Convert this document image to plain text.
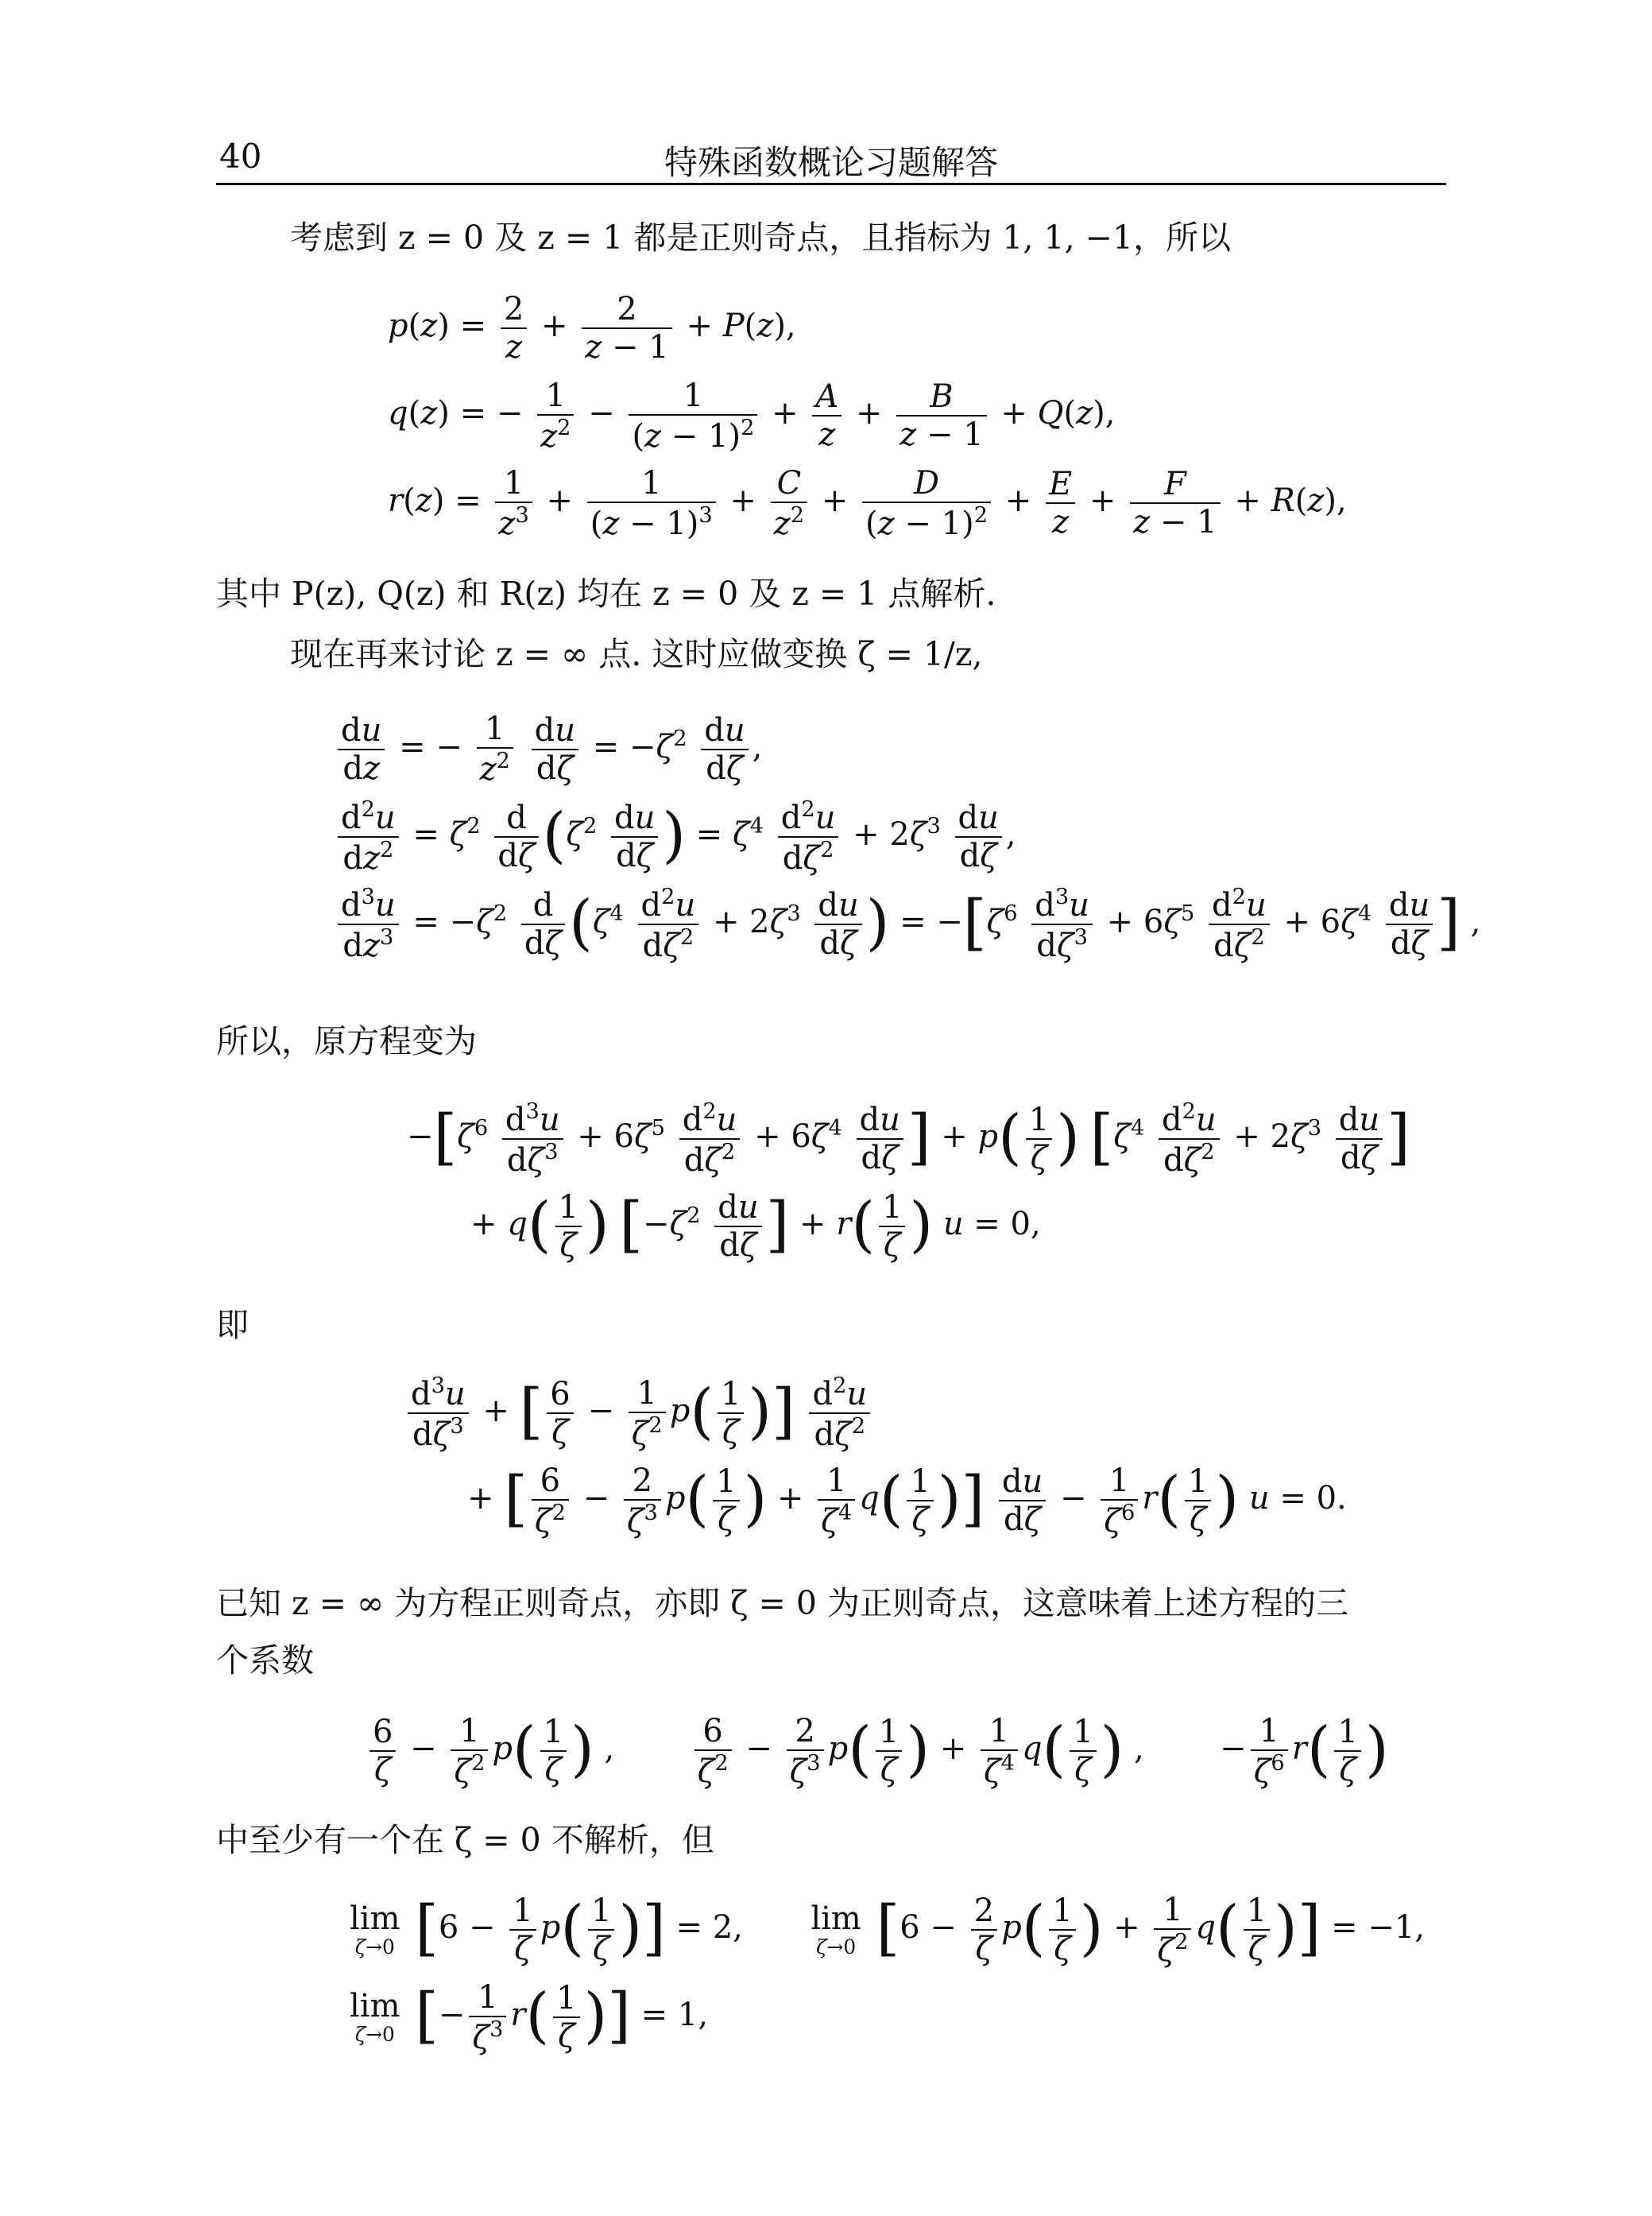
40	特殊函数概论习题解答
考虑到 z = 0 及 z = 1 都是正则奇点，且指标为 1, 1, −1，所以
$p(z) = \frac{2}{z} + \frac{2}{z - 1} + P(z)$,
q(z) = − $\frac{1}{z^2} - \frac{1}{(z - 1)^2} + \frac{A}{z} + \frac{B}{z - 1} + Q(z)$,
$r(z) = \frac{1}{z^3} + \frac{1}{(z - 1)^3} + \frac{C}{z^2} + \frac{D}{(z - 1)^2} + \frac{E}{z} + \frac{F}{z - 1} + R(z)$,
其中 P(z), Q(z) 和 R(z) 均在 z = 0 及 z = 1 点解析.
现在再来讨论 z = ∞ 点. 这时应做变换 ζ = 1/z,
$\frac{du}{dz}$ = − $\frac{1}{z^2}$
$\frac{du}{d\zeta} = -\zeta^2 \frac{du}{d\zeta}$ ,
$\frac{d^2u}{dz^2} = \zeta^2 \frac{d}{d\zeta} (\zeta^2 \frac{du}{d\zeta}$ ) = $\zeta^4 \frac{d^2u}{d\zeta^2} + 2\zeta^3 \frac{du}{d\zeta}$ ,
$\frac{d^3u}{dz^3} = -\zeta^2 \frac{d}{d\zeta} (\zeta^4 \frac{d^2u}{d\zeta^2} + 2\zeta^3 \frac{du}{d\zeta}$ ) = $-[\zeta^6 \frac{d^3u}{d\zeta^3} + 6\zeta^5 \frac{d^2u}{d\zeta^2} + 6\zeta^4 \frac{du}{d\zeta}$ ] ,
所以，原方程变为
$-[\zeta^6 \frac{d^3u}{d\zeta^3} + 6\zeta^5 \frac{d^2u}{d\zeta^2} + 6\zeta^4 \frac{du}{d\zeta}$ ] + $p( \frac{1}{\zeta}$ ) [$\zeta^4 \frac{d^2u}{d\zeta^2} + 2\zeta^3 \frac{du}{d\zeta}$ ]
+ $q( \frac{1}{\zeta}$ ) [$-\zeta^2 \frac{du}{d\zeta}$ ] + $r( \frac{1}{\zeta}$ ) u = 0,
即
$\frac{d^3u}{d\zeta^3}$ + [ $\frac{6}{\zeta} - \frac{1}{\zeta^2} p( \frac{1}{\zeta}$ )] $\frac{d^2u}{d\zeta^2}$
+ [ $\frac{6}{\zeta^2} - \frac{2}{\zeta^3} p( \frac{1}{\zeta}$ ) + $\frac{1}{\zeta^4} q( \frac{1}{\zeta}$ )] $\frac{du}{d\zeta} - \frac{1}{\zeta^6} r( \frac{1}{\zeta}$ ) u = 0.
已知 z = ∞ 为方程正则奇点，亦即 ζ = 0 为正则奇点，这意味着上述方程的三
个系数
$\frac{6}{\zeta} - \frac{1}{\zeta^2} p( \frac{1}{\zeta}$ ) , $\frac{6}{\zeta^2} - \frac{2}{\zeta^3} p( \frac{1}{\zeta}$ ) + $\frac{1}{\zeta^4} q( \frac{1}{\zeta}$ ) ,  − $\frac{1}{\zeta^6} r( \frac{1}{\zeta}$ )
中至少有一个在 ζ = 0 不解析，但
lim
ζ→0 [$6 - \frac{1}{\zeta} p( \frac{1}{\zeta}$ )] = 2, lim
ζ→0 [$6 - \frac{2}{\zeta} p( \frac{1}{\zeta}$ ) + $\frac{1}{\zeta^2} q( \frac{1}{\zeta}$ )] = −1,
lim
ζ→0 [− $\frac{1}{\zeta^3} r( \frac{1}{\zeta}$ )] = 1,
